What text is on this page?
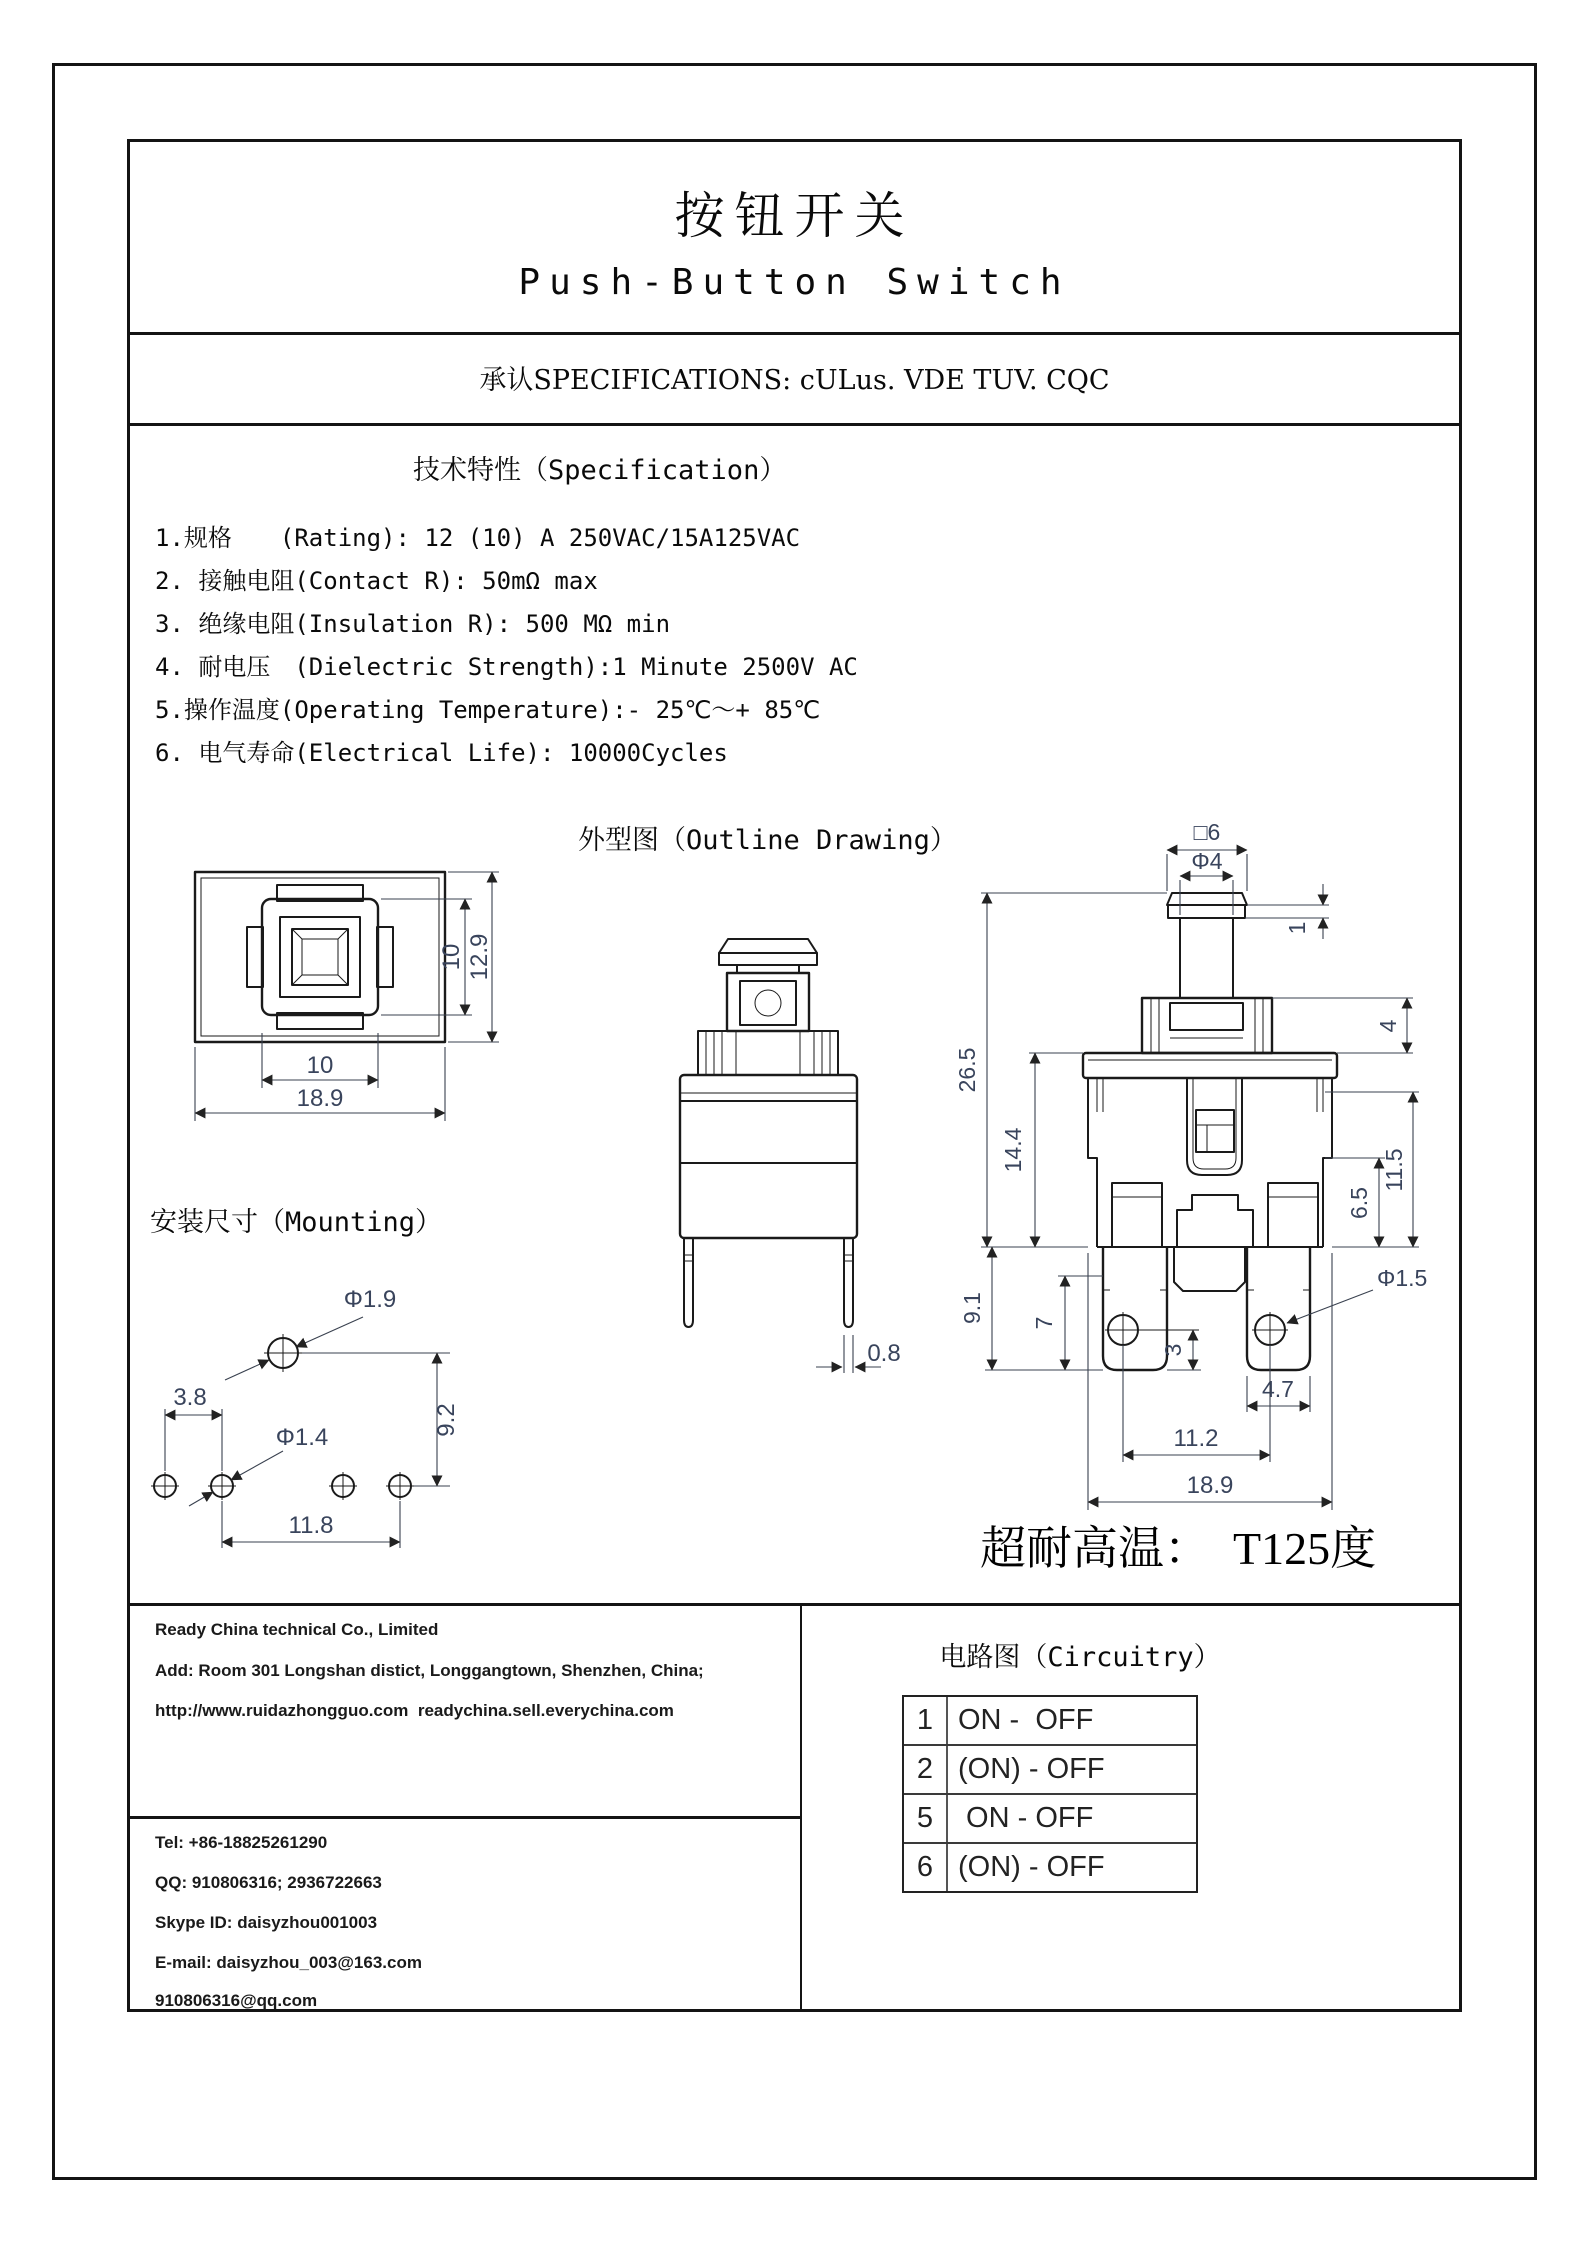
按钮开关
Push-Button Switch
承认SPECIFICATIONS: cULus. VDE TUV. CQC
技术特性（Specification）
1.规格　　(Rating): 12 (10) A 250VAC/15A125VAC
2. 接触电阻(Contact R): 50mΩ max
3. 绝缘电阻(Insulation R): 500 MΩ min
4. 耐电压　(Dielectric Strength):1 Minute 2500V AC
5.操作温度(Operating Temperature):- 25℃～+ 85℃
6. 电气寿命(Electrical Life): 10000Cycles
外型图（Outline Drawing）
10 12.9
10
18.9
0.8
□6
Φ4
1
4
26.5
14.4
9.1 7
3
11.5
6.5
Φ1.5
4.7
11.2
18.9
安装尺寸（Mounting）
Φ1.9
3.8
Φ1.4
9.2
11.8	超耐高温：  T125度
Ready China technical Co., Limited
Add: Room 301 Longshan distict, Longgangtown, Shenzhen, China;
http://www.ruidazhongguo.com  readychina.sell.everychina.com
Tel: +86-18825261290
QQ: 910806316; 2936722663
Skype ID: daisyzhou001003
E-mail: daisyzhou_003@163.com
910806316@qq.com
电路图（Circuitry）
1 ON -  OFF
2 (ON) - OFF
5 ON - OFF
6 (ON) - OFF
